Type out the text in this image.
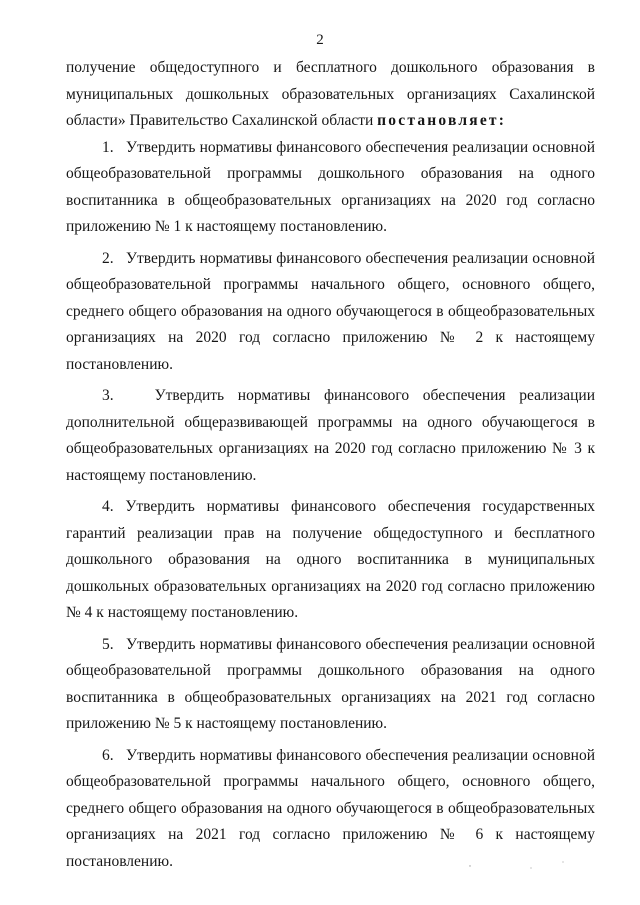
2

получение общедоступного и бесплатного дошкольного образования в муниципальных дошкольных образовательных организациях Сахалинской области» Правительство Сахалинской области постановляет:

1. Утвердить нормативы финансового обеспечения реализации основной общеобразовательной программы дошкольного образования на одного воспитанника в общеобразовательных организациях на 2020 год согласно приложению № 1 к настоящему постановлению.

2. Утвердить нормативы финансового обеспечения реализации основной общеобразовательной программы начального общего, основного общего, среднего общего образования на одного обучающегося в общеобразовательных организациях на 2020 год согласно приложению № 2 к настоящему постановлению.

3.	Утвердить нормативы финансового обеспечения реализации дополнительной общеразвивающей программы на одного обучающегося в общеобразовательных организациях на 2020 год согласно приложению № 3 к настоящему постановлению.

4. Утвердить нормативы финансового обеспечения государственных гарантий реализации прав на получение общедоступного и бесплатного дошкольного образования на одного воспитанника в муниципальных дошкольных образовательных организациях на 2020 год согласно приложению № 4 к настоящему постановлению.

5. Утвердить нормативы финансового обеспечения реализации основной общеобразовательной программы дошкольного образования на одного воспитанника в общеобразовательных организациях на 2021 год согласно приложению № 5 к настоящему постановлению.

6. Утвердить нормативы финансового обеспечения реализации основной общеобразовательной программы начального общего, основного общего, среднего общего образования на одного обучающегося в общеобразовательных организациях на 2021 год согласно приложению № 6 к настоящему постановлению.
